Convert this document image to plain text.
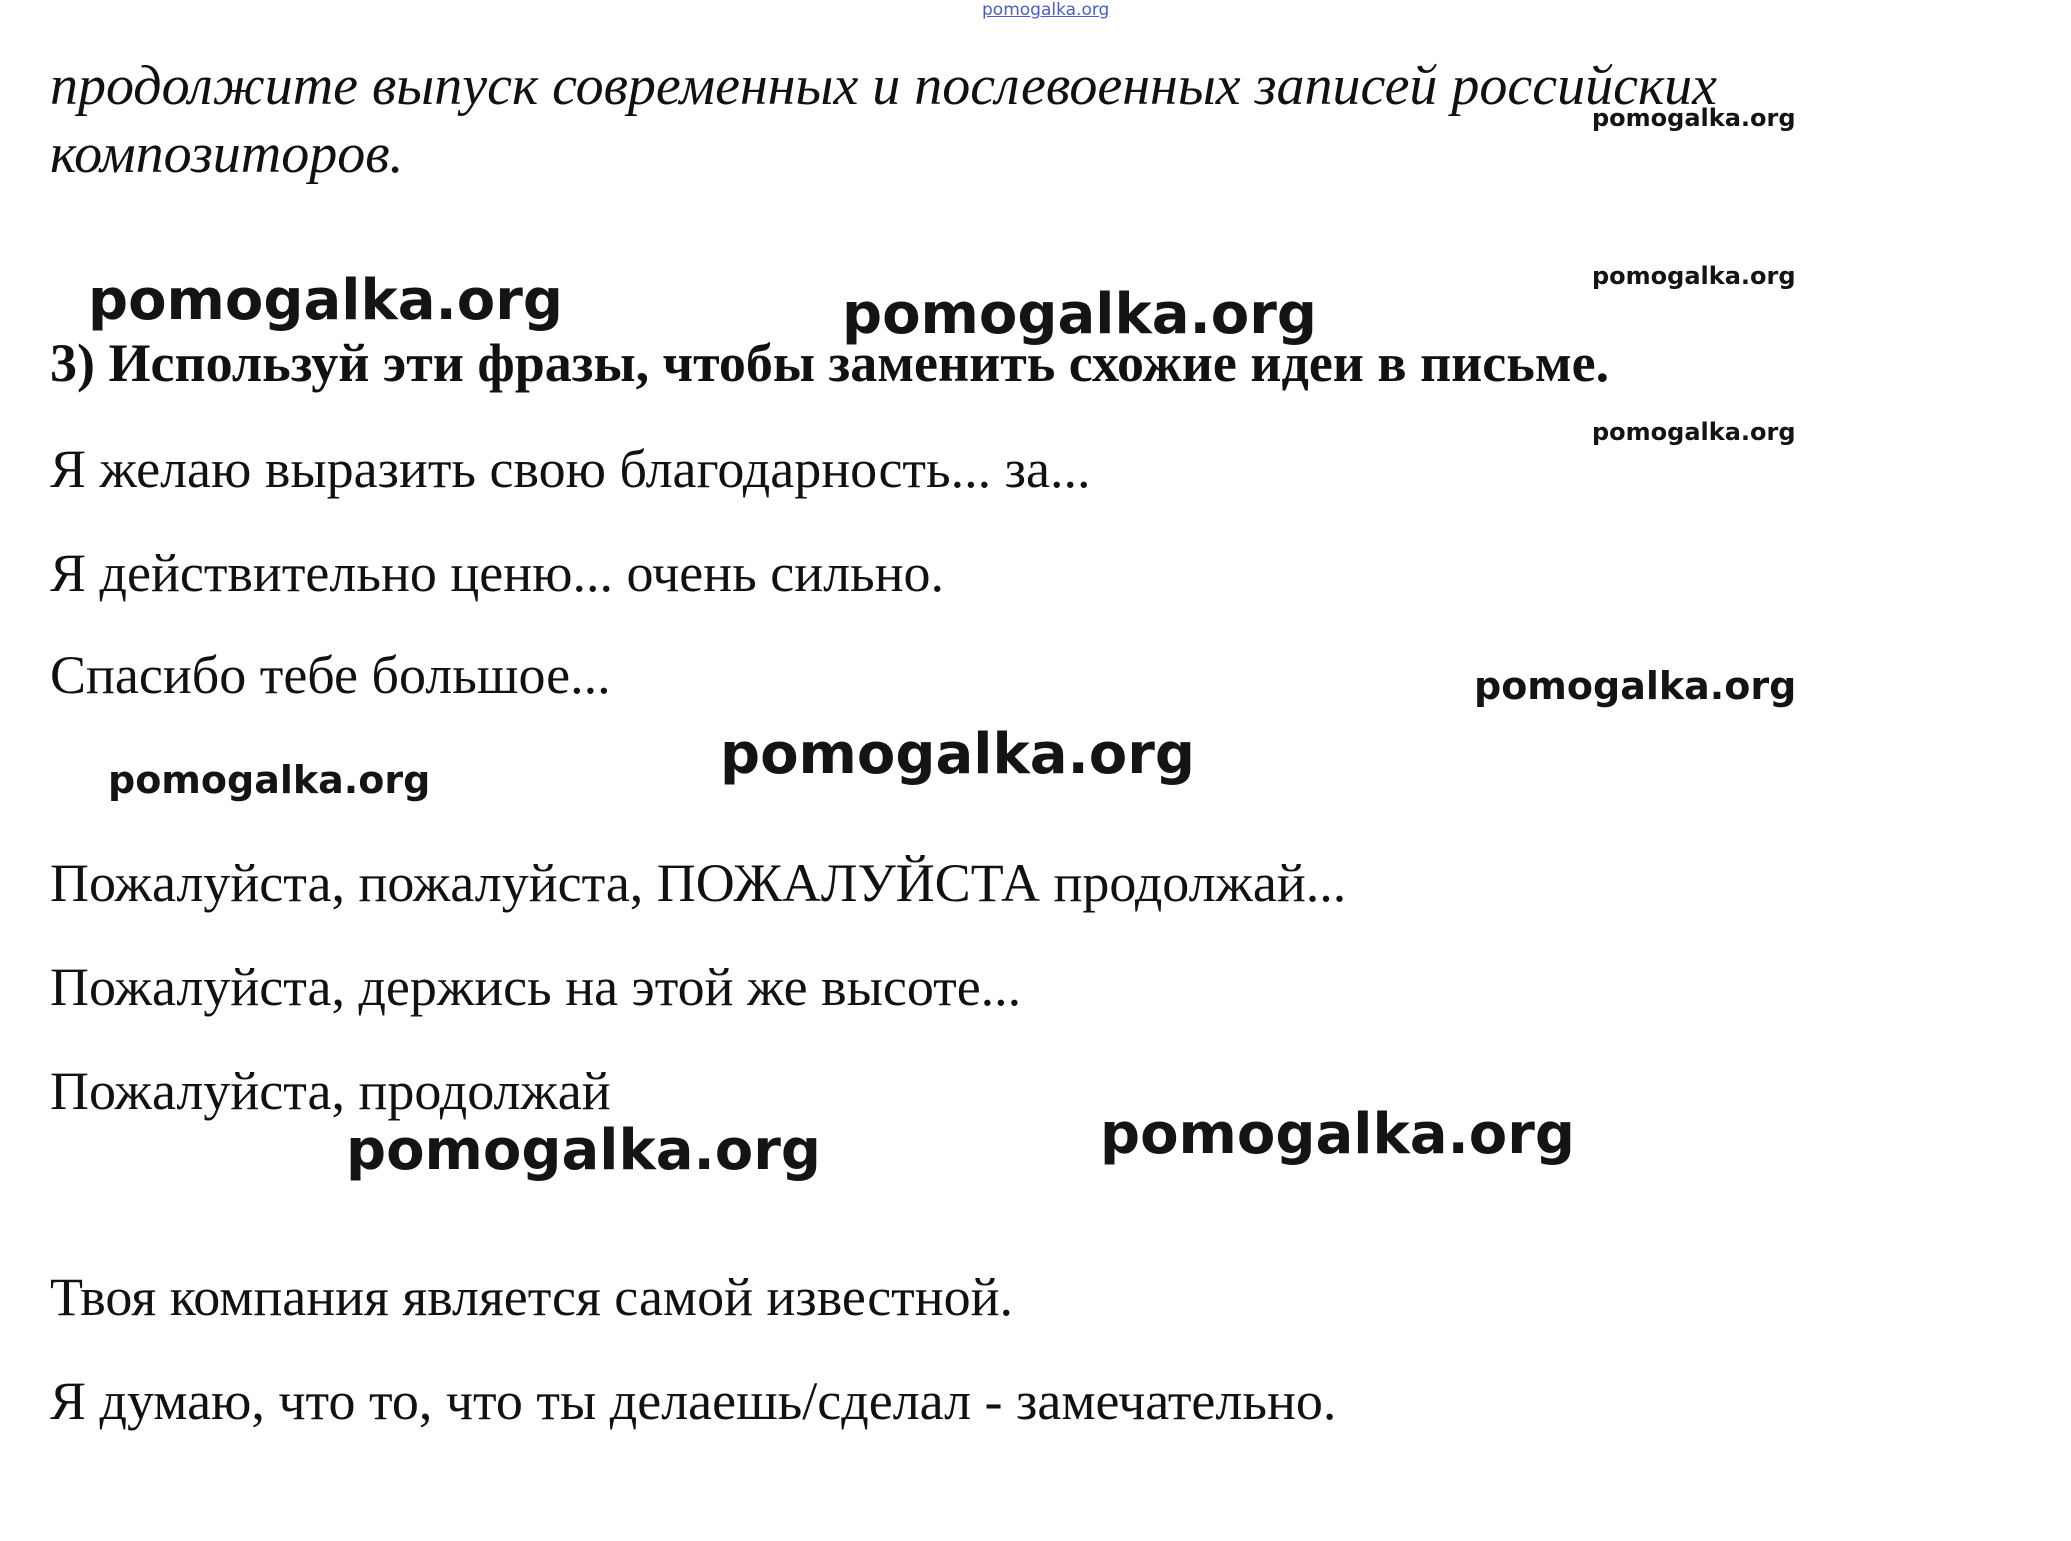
pomogalka.org
продолжите выпуск современных и послевоенных записей российских композиторов.
pomogalka.org
pomogalka.org
pomogalka.org	pomogalka.org
3) Используй эти фразы, чтобы заменить схожие идеи в письме.
pomogalka.org
Я желаю выразить свою благодарность... за...
Я действительно ценю... очень сильно.
Спасибо тебе большое...	pomogalka.org
pomogalka.org
pomogalka.org
Пожалуйста, пожалуйста, ПОЖАЛУЙСТА продолжай...
Пожалуйста, держись на этой же высоте...
Пожалуйста, продолжай
pomogalka.org
pomogalka.org
Твоя компания является самой известной.
Я думаю, что то, что ты делаешь/сделал - замечательно.
